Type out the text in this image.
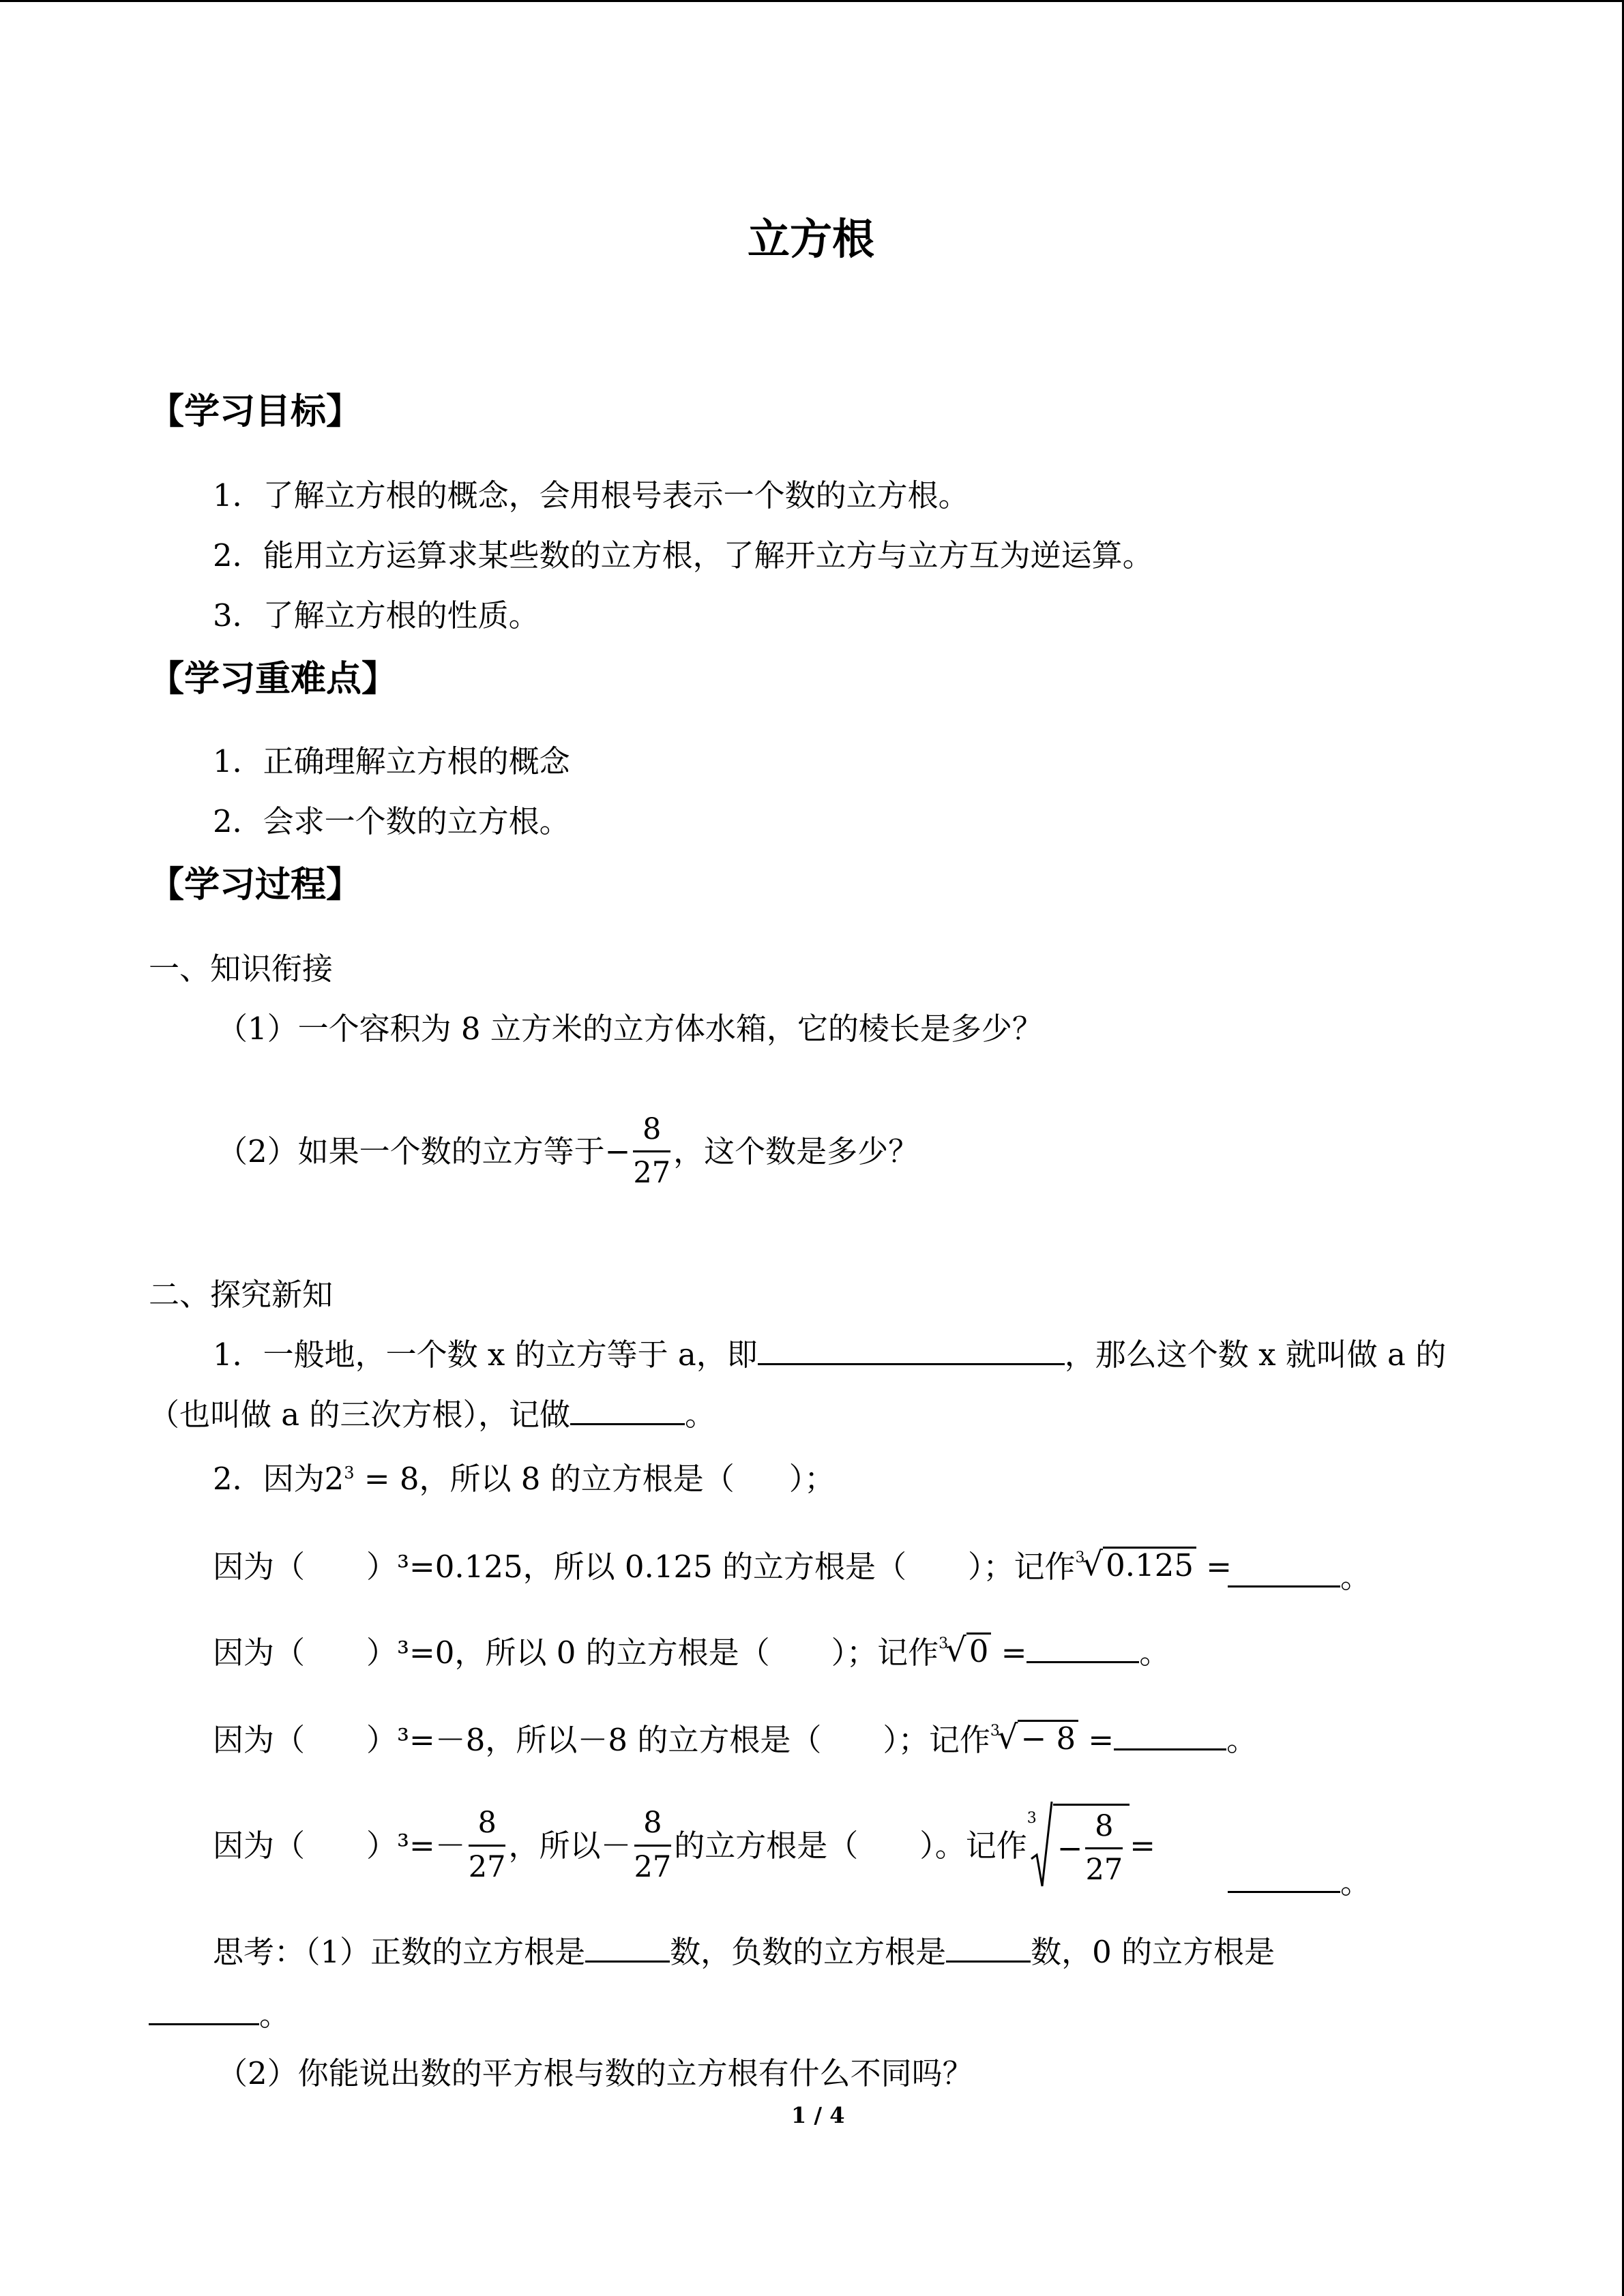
立方根
【学习目标】
1．了解立方根的概念，会用根号表示一个数的立方根。
2．能用立方运算求某些数的立方根，了解开立方与立方互为逆运算。
3．了解立方根的性质。
【学习重难点】
1．正确理解立方根的概念
2．会求一个数的立方根。
【学习过程】
一、知识衔接
（1）一个容积为 8 立方米的立方体水箱，它的棱长是多少？
（2）如果一个数的立方等于 − $\frac{8}{27}$ ，这个数是多少？
二、探究新知
1．一般地，一个数 x 的立方等于 a，即	，那么这个数 x 就叫做 a 的
（也叫做 a 的三次方根），记做	。
2．因为$2^3 = 8$，所以 8 的立方根是（ ）；
因为（ ）³=0.125，所以 0.125 的立方根是（ ）；记作 3
√ 0.125 =	。
因为（ ）³=0，所以 0 的立方根是（ ）；记作 3
√ 0 =	。
因为（ ）³=－8，所以－8 的立方根是（ ）；记作 3
√ − 8 =	。
因为（ ）$^3=- \frac{8}{27}$ ，所以－ $\frac{8}{27}$ 的立方根是（ ）。记作
3
− $\frac{8}{27}$ =
。
思考：（1）正数的立方根是	数，负数的立方根是	数，0 的立方根是
。
（2）你能说出数的平方根与数的立方根有什么不同吗？
1 / 4
